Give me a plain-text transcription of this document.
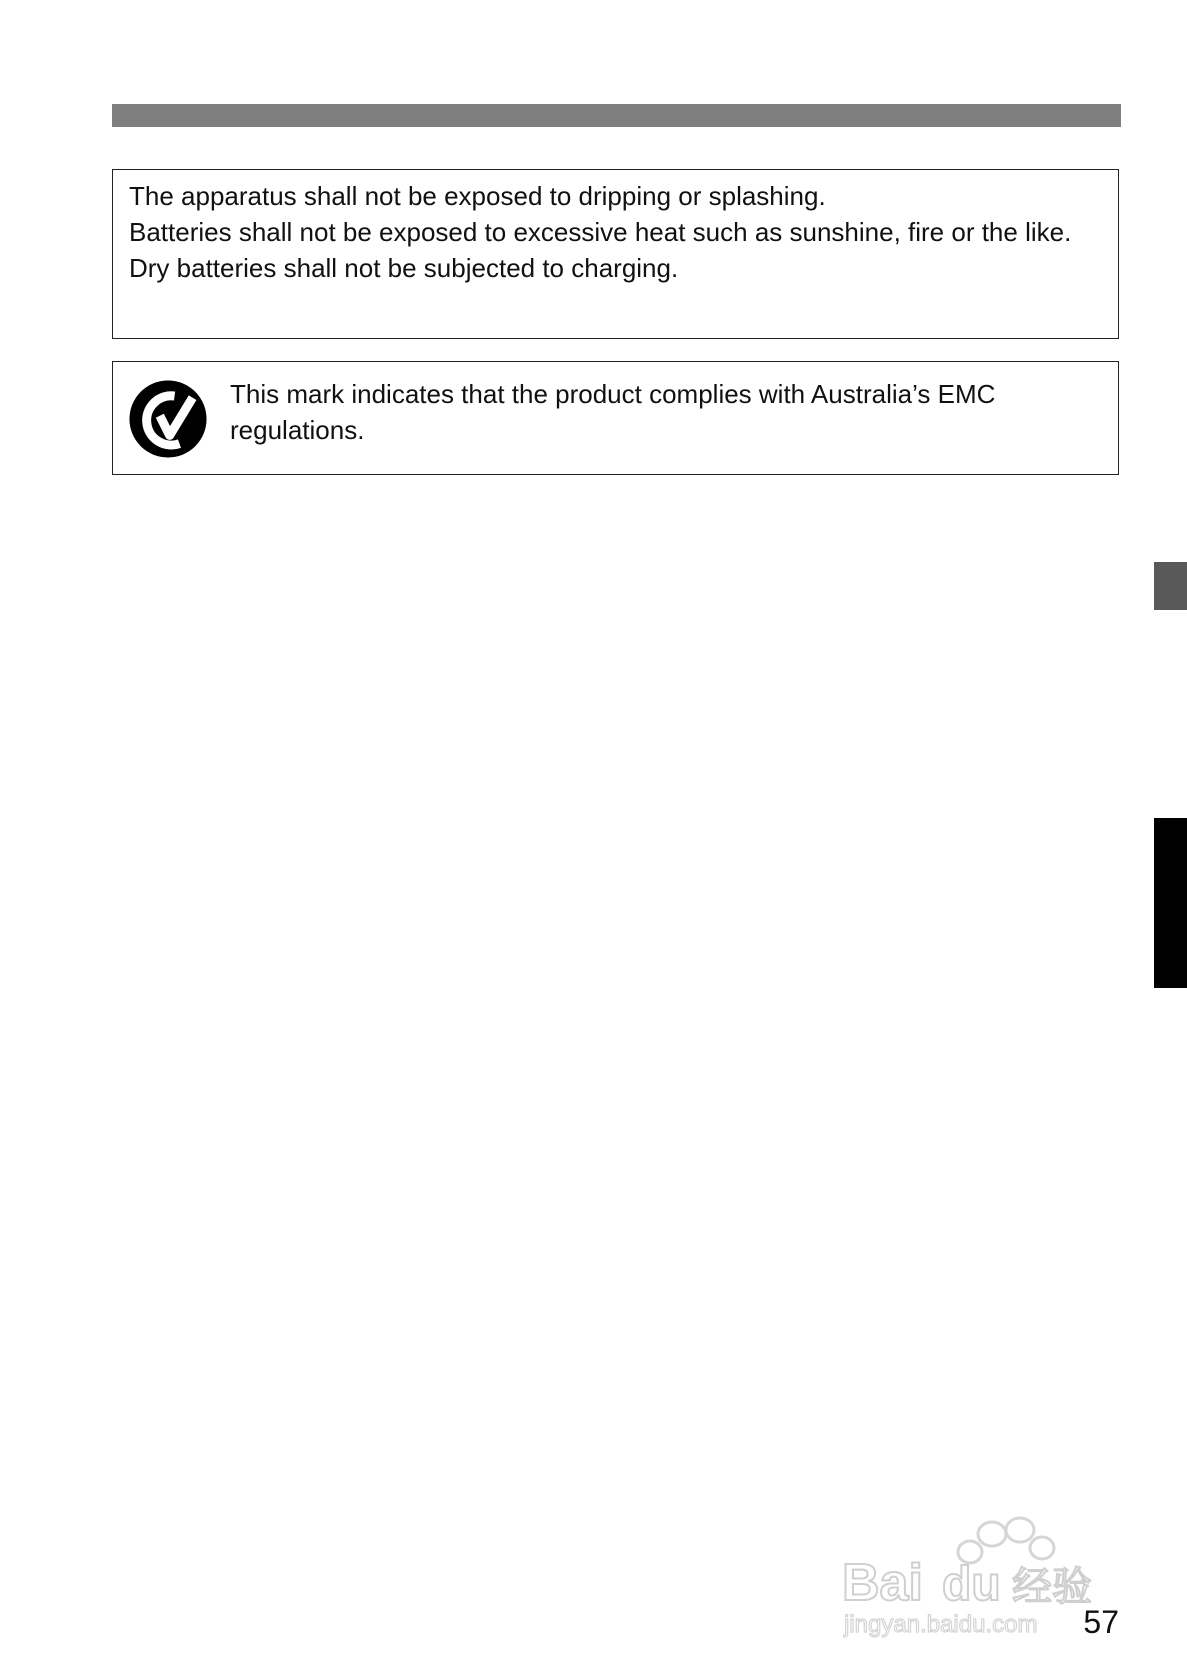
The apparatus shall not be exposed to dripping or splashing.

Batteries shall not be exposed to excessive heat such as sunshine, fire or the like.

Dry batteries shall not be subjected to charging.

This mark indicates that the product complies with Australia’s EMC regulations.

Bai du 经验
jingyan.baidu.com 57
